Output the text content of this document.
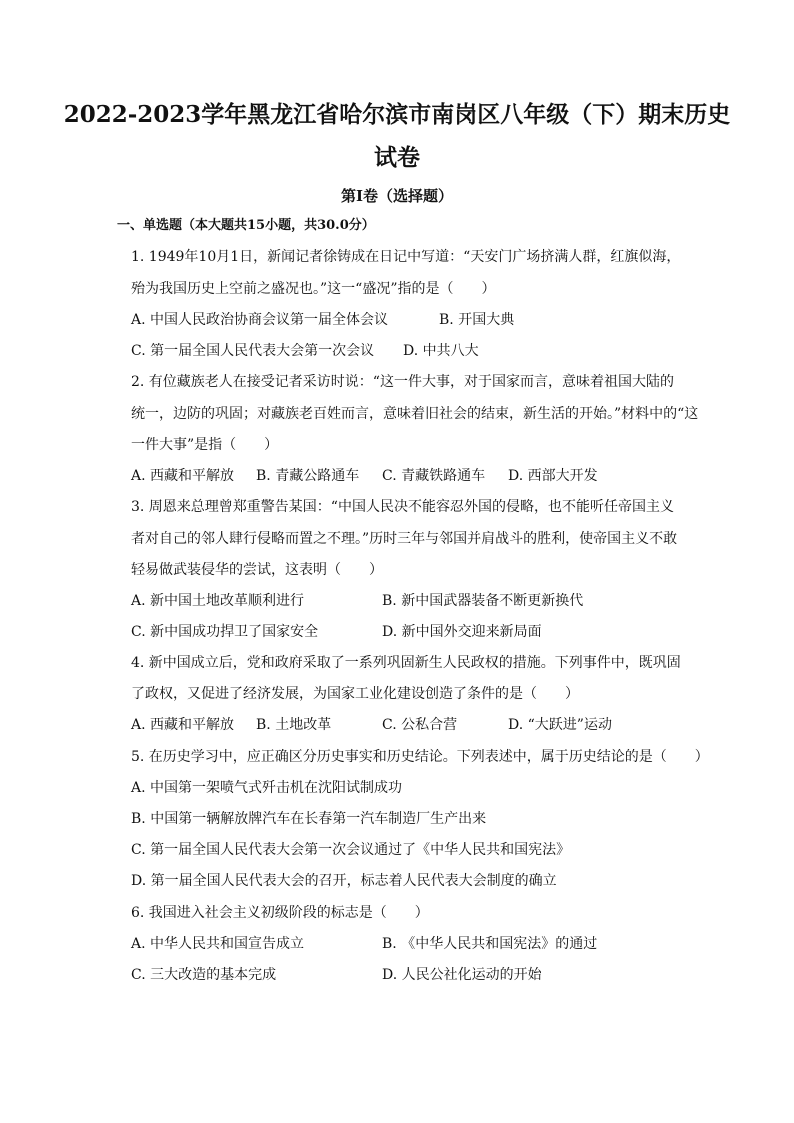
2022-2023学年黑龙江省哈尔滨市南岗区八年级（下）期末历史
试卷
第I卷（选择题）
一、单选题（本大题共15小题，共30.0分）
1. 1949年10月1日，新闻记者徐铸成在日记中写道：“天安门广场挤满人群，红旗似海，
殆为我国历史上空前之盛况也。”这一“盛况”指的是（　　）
A. 中国人民政治协商会议第一届全体会议	B. 开国大典
C. 第一届全国人民代表大会第一次会议 D. 中共八大
2. 有位藏族老人在接受记者采访时说：“这一件大事，对于国家而言，意味着祖国大陆的
统一，边防的巩固；对藏族老百姓而言，意味着旧社会的结束，新生活的开始。”材料中的“这
一件大事”是指（　　）
A. 西藏和平解放 B. 青藏公路通车 C. 青藏铁路通车 D. 西部大开发
3. 周恩来总理曾郑重警告某国：“中国人民决不能容忍外国的侵略，也不能听任帝国主义
者对自己的邻人肆行侵略而置之不理。”历时三年与邻国并肩战斗的胜利，使帝国主义不敢
轻易做武装侵华的尝试，这表明（　　）
A. 新中国土地改革顺利进行	B. 新中国武器装备不断更新换代
C. 新中国成功捍卫了国家安全	D. 新中国外交迎来新局面
4. 新中国成立后，党和政府采取了一系列巩固新生人民政权的措施。下列事件中，既巩固
了政权，又促进了经济发展，为国家工业化建设创造了条件的是（　　）
A. 西藏和平解放 B. 土地改革	C. 公私合营	D. “大跃进”运动
5. 在历史学习中，应正确区分历史事实和历史结论。下列表述中，属于历史结论的是（　　）
A. 中国第一架喷气式歼击机在沈阳试制成功
B. 中国第一辆解放牌汽车在长春第一汽车制造厂生产出来
C. 第一届全国人民代表大会第一次会议通过了《中华人民共和国宪法》
D. 第一届全国人民代表大会的召开，标志着人民代表大会制度的确立
6. 我国进入社会主义初级阶段的标志是（　　）
A. 中华人民共和国宣告成立	B. 《中华人民共和国宪法》的通过
C. 三大改造的基本完成	D. 人民公社化运动的开始
